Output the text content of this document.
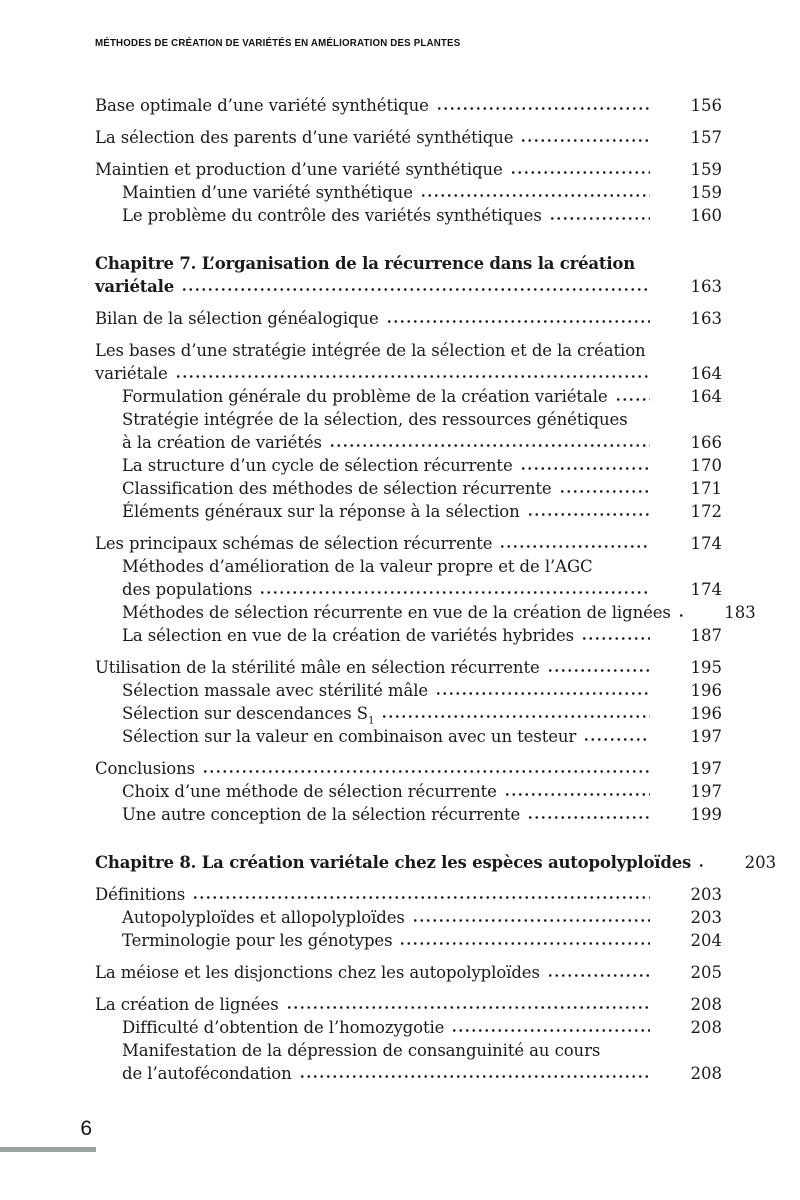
MÉTHODES DE CRÉATION DE VARIÉTÉS EN AMÉLIORATION DES PLANTES
Base optimale d’une variété synthétique	156
La sélection des parents d’une variété synthétique	157
Maintien et production d’une variété synthétique	159
Maintien d’une variété synthétique	159
Le problème du contrôle des variétés synthétiques	160
Chapitre 7. L’organisation de la récurrence dans la création
variétale	163
Bilan de la sélection généalogique	163
Les bases d’une stratégie intégrée de la sélection et de la création
variétale	164
Formulation générale du problème de la création variétale	164
Stratégie intégrée de la sélection, des ressources génétiques
à la création de variétés	166
La structure d’un cycle de sélection récurrente	170
Classification des méthodes de sélection récurrente	171
Éléments généraux sur la réponse à la sélection	172
Les principaux schémas de sélection récurrente	174
Méthodes d’amélioration de la valeur propre et de l’AGC
des populations	174
Méthodes de sélection récurrente en vue de la création de lignées	183
La sélection en vue de la création de variétés hybrides	187
Utilisation de la stérilité mâle en sélection récurrente	195
Sélection massale avec stérilité mâle	196
Sélection sur descendances $S_1$	196
Sélection sur la valeur en combinaison avec un testeur	197
Conclusions	197
Choix d’une méthode de sélection récurrente	197
Une autre conception de la sélection récurrente	199
Chapitre 8. La création variétale chez les espèces autopolyploïdes	203
Définitions	203
Autopolyploïdes et allopolyploïdes	203
Terminologie pour les génotypes	204
La méiose et les disjonctions chez les autopolyploïdes	205
La création de lignées	208
Difficulté d’obtention de l’homozygotie	208
Manifestation de la dépression de consanguinité au cours
de l’autofécondation	208
6
